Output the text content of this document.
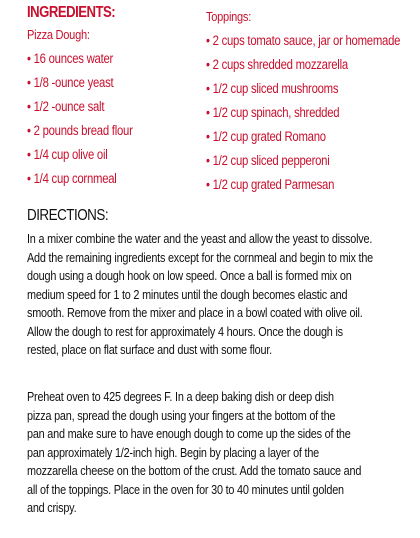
INGREDIENTS:
Pizza Dough:
• 16 ounces water
• 1/8 -ounce yeast
• 1/2 -ounce salt
• 2 pounds bread flour
• 1/4 cup olive oil
• 1/4 cup cornmeal
Toppings:
• 2 cups tomato sauce, jar or homemade
• 2 cups shredded mozzarella
• 1/2 cup sliced mushrooms
• 1/2 cup spinach, shredded
• 1/2 cup grated Romano
• 1/2 cup sliced pepperoni
• 1/2 cup grated Parmesan
DIRECTIONS:
In a mixer combine the water and the yeast and allow the yeast to dissolve.
Add the remaining ingredients except for the cornmeal and begin to mix the
dough using a dough hook on low speed. Once a ball is formed mix on
medium speed for 1 to 2 minutes until the dough becomes elastic and
smooth. Remove from the mixer and place in a bowl coated with olive oil.
Allow the dough to rest for approximately 4 hours. Once the dough is
rested, place on flat surface and dust with some flour.
Preheat oven to 425 degrees F. In a deep baking dish or deep dish
pizza pan, spread the dough using your fingers at the bottom of the
pan and make sure to have enough dough to come up the sides of the
pan approximately 1/2-inch high. Begin by placing a layer of the
mozzarella cheese on the bottom of the crust. Add the tomato sauce and
all of the toppings. Place in the oven for 30 to 40 minutes until golden
and crispy.
